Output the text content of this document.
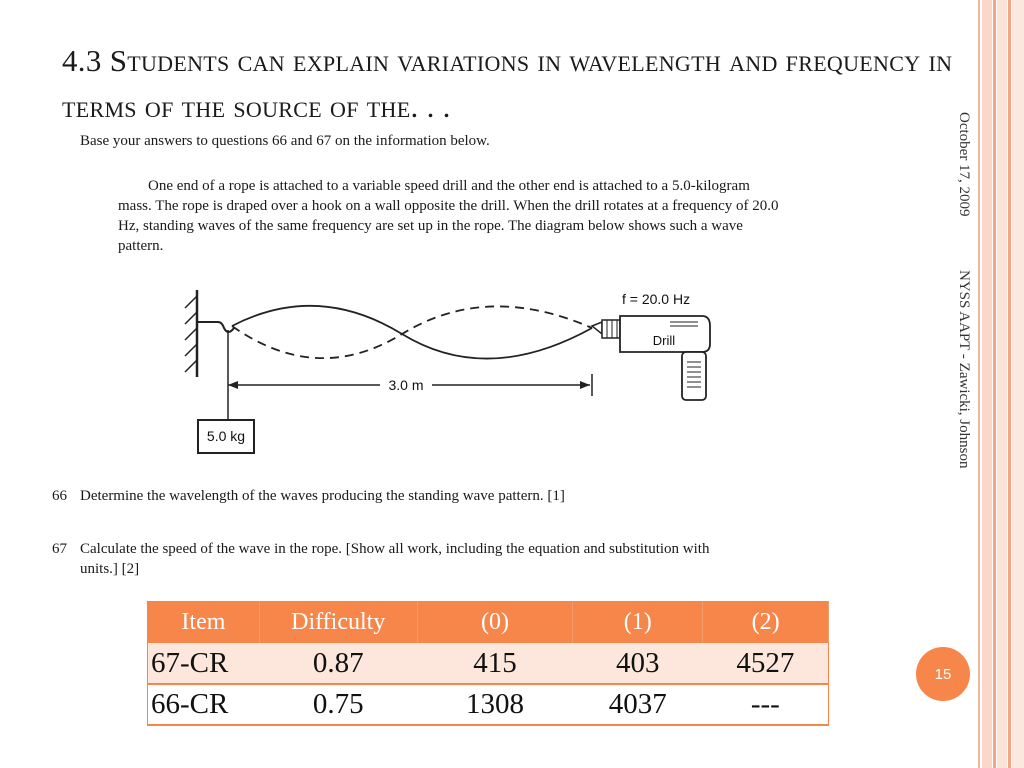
4.3 Students can explain variations in wavelength and frequency in terms of the source of the. . .
October 17, 2009
NYSS AAPT - Zawicki, Johnson
Base your answers to questions 66 and 67 on the information below.
One end of a rope is attached to a variable speed drill and the other end is attached to a 5.0-kilogram mass. The rope is draped over a hook on a wall opposite the drill. When the drill rotates at a frequency of 20.0 Hz, standing waves of the same frequency are set up in the rope. The diagram below shows such a wave pattern.
5.0 kg
3.0 m
f = 20.0 Hz
Drill
66 Determine the wavelength of the waves producing the standing wave pattern. [1]
67 Calculate the speed of the wave in the rope. [Show all work, including the equation and substitution with
units.] [2]
Item	Difficulty	(0)	(1)	(2)
67-CR	0.87	415	403	4527
66-CR	0.75	1308	4037	---
15
